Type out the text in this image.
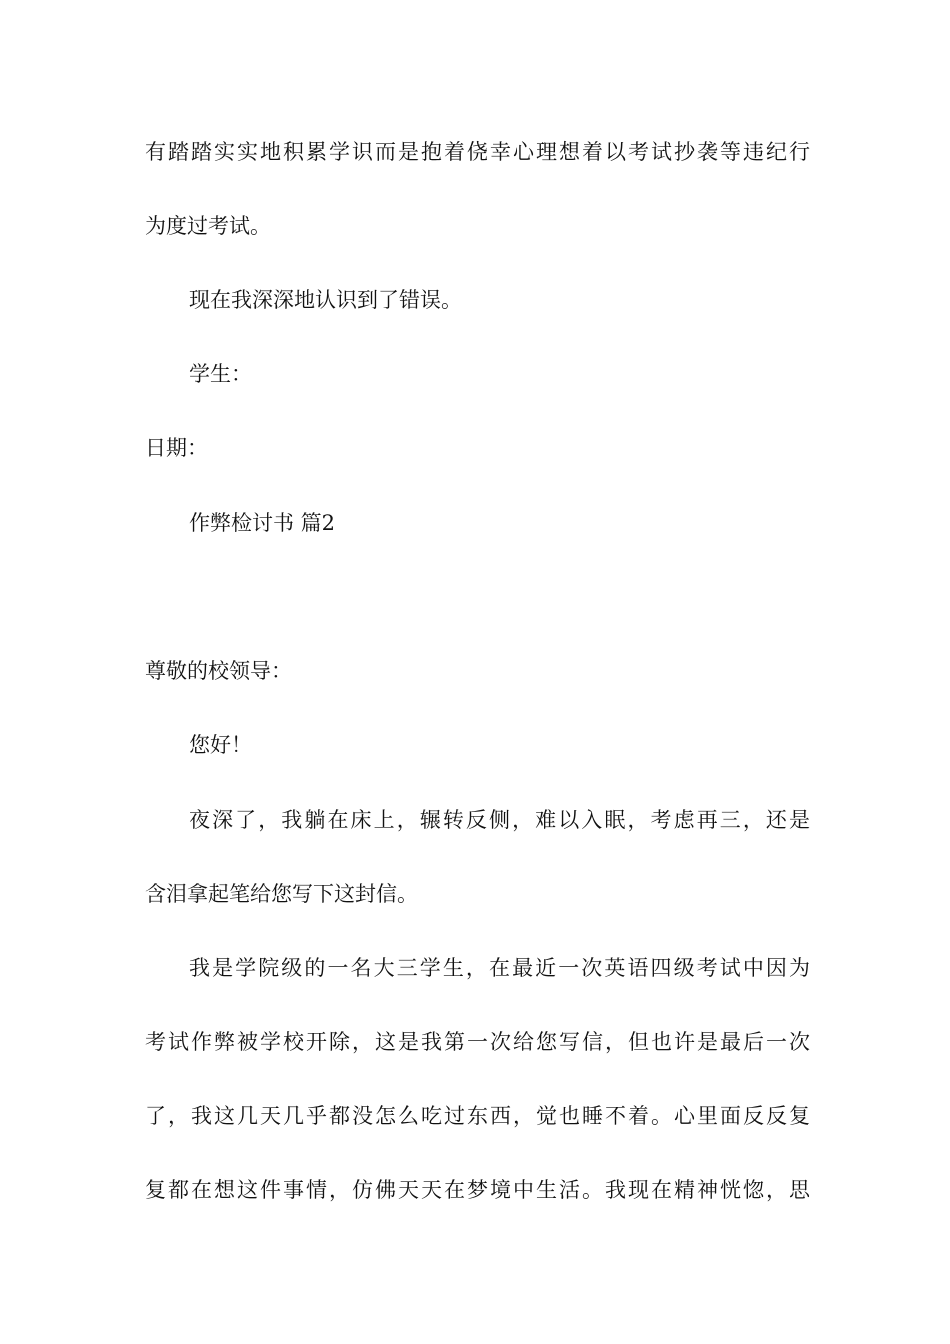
有踏踏实实地积累学识而是抱着侥幸心理想着以考试抄袭等违纪行
为度过考试。
现在我深深地认识到了错误。
学生：
日期：
作弊检讨书 篇2
尊敬的校领导：
您好！
夜深了，我躺在床上，辗转反侧，难以入眠，考虑再三，还是
含泪拿起笔给您写下这封信。
我是学院级的一名大三学生，在最近一次英语四级考试中因为
考试作弊被学校开除，这是我第一次给您写信，但也许是最后一次
了，我这几天几乎都没怎么吃过东西，觉也睡不着。心里面反反复
复都在想这件事情，仿佛天天在梦境中生活。我现在精神恍惚，思
